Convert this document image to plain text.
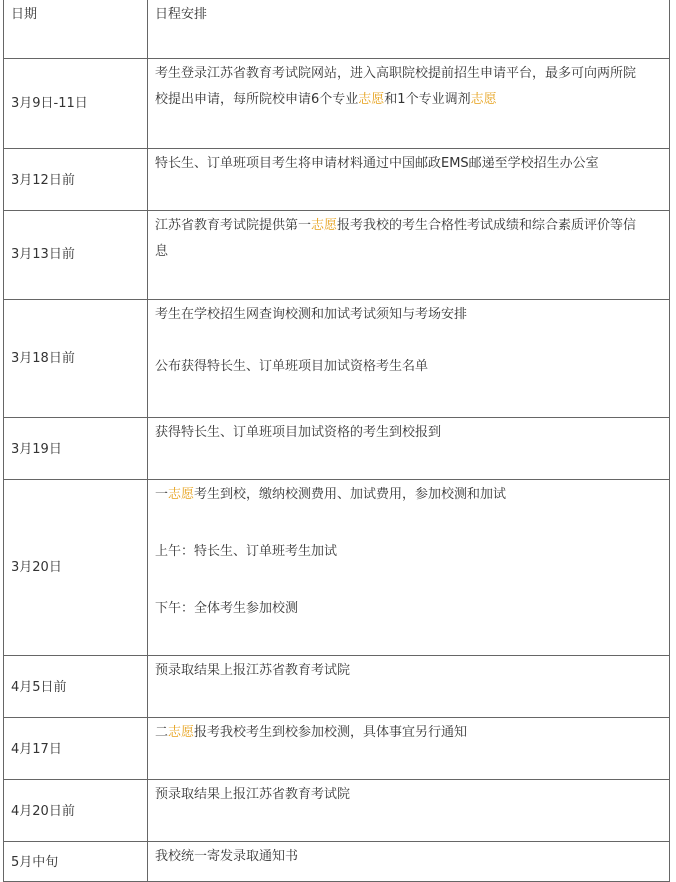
日期	日程安排
3月9日-11日	考生登录江苏省教育考试院网站，进入高职院校提前招生申请平台，最多可向两所院
校提出申请，每所院校申请6个专业志愿和1个专业调剂志愿

3月12日前	特长生、订单班项目考生将申请材料通过中国邮政EMS邮递至学校招生办公室
3月13日前	江苏省教育考试院提供第一志愿报考我校的考生合格性考试成绩和综合素质评价等信
息

3月18日前	考生在学校招生网查询校测和加试考试须知与考场安排
公布获得特长生、订单班项目加试资格考生名单

3月19日	获得特长生、订单班项目加试资格的考生到校报到
3月20日	一志愿考生到校，缴纳校测费用、加试费用，参加校测和加试
上午：特长生、订单班考生加试
下午：全体考生参加校测

4月5日前	预录取结果上报江苏省教育考试院
4月17日	二志愿报考我校考生到校参加校测，具体事宜另行通知
4月20日前	预录取结果上报江苏省教育考试院
5月中旬	我校统一寄发录取通知书
